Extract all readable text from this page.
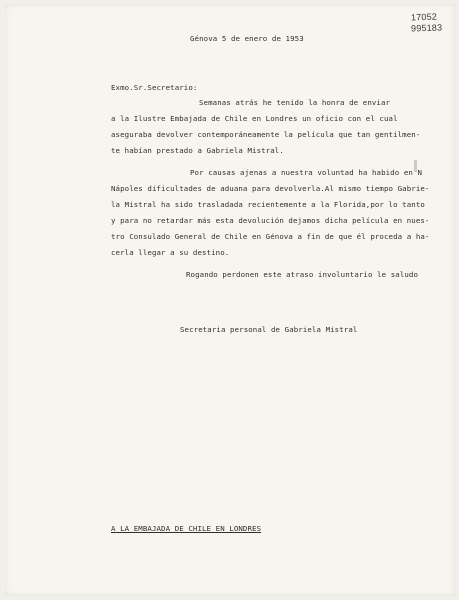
17052
995183
Génova 5 de enero de 1953
Exmo.Sr.Secretario:
Semanas atrás he tenido la honra de enviar
a la Ilustre Embajada de Chile en Londres un oficio con el cual
aseguraba devolver contemporáneamente la película que tan gentilmen-
te habían prestado a Gabriela Mistral.
Por causas ajenas a nuestra voluntad ha habido en N
Nápoles dificultades de aduana para devolverla.Al mismo tiempo Gabrie-
la Mistral ha sido trasladada recientemente a la Florida,por lo tanto
y para no retardar más esta devolución dejamos dicha película en nues-
tro Consulado General de Chile en Génova a fin de que él proceda a ha-
cerla llegar a su destino.
Rogando perdonen este atraso involuntario le saludo
Secretaria personal de Gabriela Mistral
A LA EMBAJADA DE CHILE EN LONDRES
